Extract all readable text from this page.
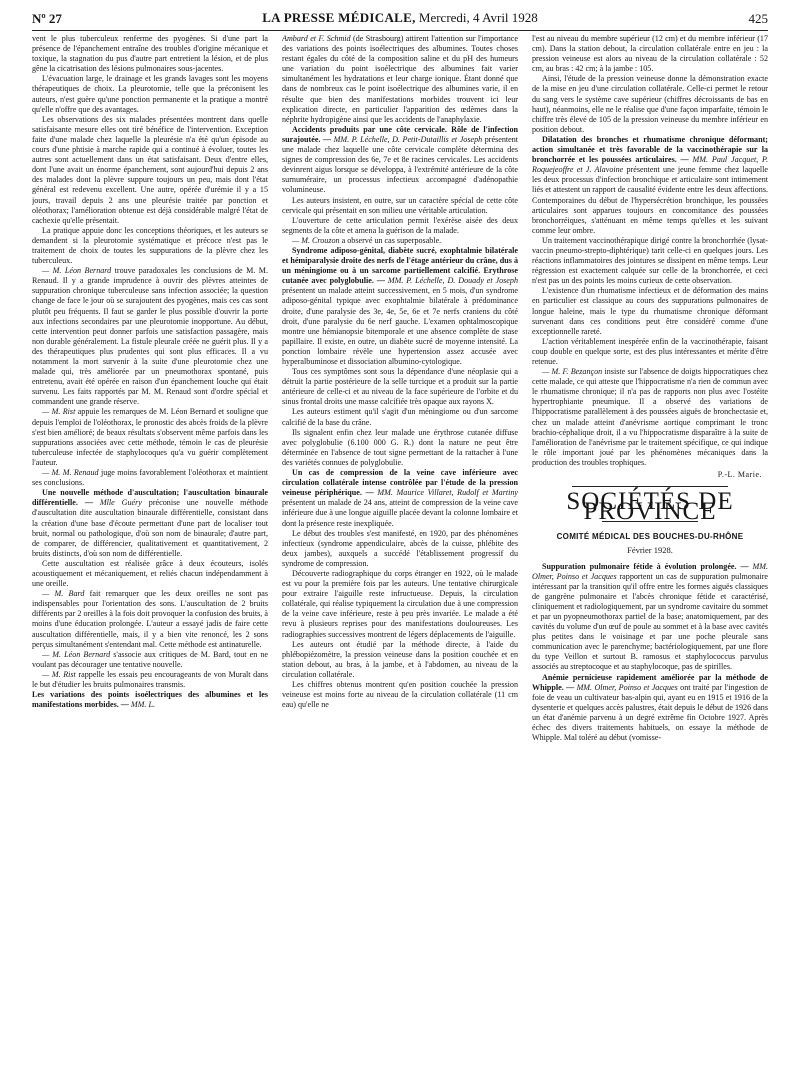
Nº 27	LA PRESSE MÉDICALE, Mercredi, 4 Avril 1928	425

vent le plus tuberculeux renferme des pyogènes. Si d'une part la présence de l'épanchement entraîne des troubles d'origine mécanique et toxique, la stagnation du pus d'autre part entretient la lésion, et de plus gêne la cicatrisation des lésions pulmonaires sous-jacentes.

L'évacuation large, le drainage et les grands lavages sont les moyens thérapeutiques de choix. La pleurotomie, telle que la préconisent les auteurs, n'est guère qu'une ponction permanente et la pratique a montré qu'elle n'offre que des avantages.

Les observations des six malades présentées montrent dans quelle satisfaisante mesure elles ont tiré bénéfice de l'intervention. Exception faite d'une malade chez laquelle la pleurésie n'a été qu'un épisode au cours d'une phtisie à marche rapide qui a continué à évoluer, toutes les autres sont actuellement dans un état satisfaisant. Deux d'entre elles, dont l'une avait un énorme épanchement, sont aujourd'hui depuis 2 ans des malades dont la plèvre suppure toujours un peu, mais dont l'état général est redevenu excellent. Une autre, opérée d'urémie il y a 15 jours, travail depuis 2 ans une pleurésie traitée par ponction et oléothorax; l'amélioration obtenue est déjà considérable malgré l'état de cachexie qu'elle présentait.

La pratique appuie donc les conceptions théoriques, et les auteurs se demandent si la pleurotomie systématique et précoce n'est pas le traitement de choix de toutes les suppurations de la plèvre chez les tuberculeux.

— M. Léon Bernard trouve paradoxales les conclusions de M. M. Renaud. Il y a grande imprudence à ouvrir des plèvres atteintes de suppuration chronique tuberculeuse sans infection associée; la question change de face le jour où se surajoutent des pyogènes, mais ces cas sont plutôt peu fréquents. Il faut se garder le plus possible d'ouvrir la porte aux infections secondaires par une pleurotomie inopportune. Au début, cette intervention peut donner parfois une satisfaction passagère, mais non durable généralement. La fistule pleurale créée ne guérit plus. Il y a des thérapeutiques plus prudentes qui sont plus efficaces. Il a vu notamment la mort survenir à la suite d'une pleurotomie chez une malade qui, très améliorée par un pneumothorax spontané, puis entretenu, avait été opérée en raison d'un épanchement louche qui était survenu. Les faits rapportés par M. M. Renaud sont d'ordre spécial et commandent une grande réserve.

— M. Rist appuie les remarques de M. Léon Bernard et souligne que depuis l'emploi de l'oléothorax, le pronostic des abcès froids de la plèvre s'est bien amélioré; de beaux résultats s'observent même parfois dans les suppurations associées avec cette méthode, témoin le cas de pleurésie tuberculeuse infectée de staphylocoques qu'a vu guérir complètement l'auteur.

— M. M. Renaud juge moins favorablement l'oléothorax et maintient ses conclusions.

Une nouvelle méthode d'auscultation; l'auscultation binaurale différentielle. — Mlle Guéry préconise une nouvelle méthode d'auscultation dite auscultation binaurale différentielle, consistant dans la création d'une base d'écoute permettant d'une part de localiser tout bruit, normal ou pathologique, d'où son nom de binaurale; d'autre part, de comparer, de différencier, qualitativement et quantitativement, 2 bruits distincts, d'où son nom de différentielle.

Cette auscultation est réalisée grâce à deux écouteurs, isolés acoustiquement et mécaniquement, et reliés chacun indépendamment à une oreille.

— M. Bard fait remarquer que les deux oreilles ne sont pas indispensables pour l'orientation des sons. L'auscultation de 2 bruits différents par 2 oreilles à la fois doit provoquer la confusion des bruits, à moins d'une éducation prolongée. L'auteur a essayé jadis de faire cette auscultation différentielle, mais, il y a bien vite renoncé, les 2 sons perçus simultanément s'entendant mal. Cette méthode est antinaturelle.

— M. Léon Bernard s'associe aux critiques de M. Bard, tout en ne voulant pas décourager une tentative nouvelle.

— M. Rist rappelle les essais peu encourageants de von Muralt dans le but d'étudier les bruits pulmonaires transmis.

Les variations des points isoélectriques des albumines et les manifestations morbides. — MM. L.

Ambard et F. Schmid (de Strasbourg) attirent l'attention sur l'importance des variations des points isoélectriques des albumines. Toutes choses restant égales du côté de la composition saline et du pH des humeurs une variation du point isoélectrique des albumines fait varier simultanément les hydratations et leur charge ionique. Étant donné que dans de nombreux cas le point isoélectrique des albumines varie, il en résulte que bien des manifestations morbides trouvent ici leur explication directe, en particulier l'apparition des œdèmes dans la néphrite hydropigène ainsi que les accidents de l'anaphylaxie.

Accidents produits par une côte cervicale. Rôle de l'infection surajoutée. — MM. P. Léchelle, D. Petit-Dutaillis et Joseph présentent une malade chez laquelle une côte cervicale complète détermina des signes de compression des 6e, 7e et 8e racines cervicales. Les accidents devinrent aigus lorsque se développa, à l'extrémité antérieure de la côte surnuméraire, un processus infectieux accompagné d'adénopathie volumineuse.

Les auteurs insistent, en outre, sur un caractère spécial de cette côte cervicale qui présentait en son milieu une véritable articulation.

L'ouverture de cette articulation permit l'exérèse aisée des deux segments de la côte et amena la guérison de la malade.

— M. Crouzon a observé un cas superposable.

Syndrome adiposo-génital, diabète sucré, exophtalmie bilatérale et hémiparalysie droite des nerfs de l'étage antérieur du crâne, dus à un méningiome ou à un sarcome partiellement calcifié. Erythrose cutanée avec polyglobulie. — MM. P. Léchelle, D. Douady et Joseph présentent un malade atteint successivement, en 5 mois, d'un syndrome adiposo-génital typique avec exophtalmie bilatérale à prédominance droite, d'une paralysie des 3e, 4e, 5e, 6e et 7e nerfs craniens du côté droit, d'une paralysie du 6e nerf gauche. L'examen ophtalmoscopique montre une hémianopsie bitemporale et une absence complète de stase papillaire. Il existe, en outre, un diabète sucré de moyenne intensité. La ponction lombaire révèle une hypertension assez accusée avec hyperalbuminose et dissociation albumino-cytologique.

Tous ces symptômes sont sous la dépendance d'une néoplasie qui a détruit la partie postérieure de la selle turcique et a produit sur la partie antérieure de celle-ci et au niveau de la face supérieure de l'orbite et du sinus frontal droits une masse calcifiée très opaque aux rayons X.

Les auteurs estiment qu'il s'agit d'un méningiome ou d'un sarcome calcifié de la base du crâne.

Ils signalent enfin chez leur malade une érythrose cutanée diffuse avec polyglobulie (6.100 000 G. R.) dont la nature ne peut être déterminée en l'absence de tout signe permettant de la rattacher à l'une des variétés connues de polyglobulie.

Un cas de compression de la veine cave inférieure avec circulation collatérale intense contrôlée par l'étude de la pression veineuse périphérique. — MM. Maurice Villaret, Rudolf et Martiny présentent un malade de 24 ans, atteint de compression de la veine cave inférieure due à une longue aiguille placée devant la colonne lombaire et dont la présence reste inexpliquée.

Le début des troubles s'est manifesté, en 1920, par des phénomènes infectieux (syndrome appendiculaire, abcès de la cuisse, phlébite des deux jambes), auxquels a succédé l'établissement progressif du syndrome de compression.

Découverte radiographique du corps étranger en 1922, où le malade est vu pour la première fois par les auteurs. Une tentative chirurgicale pour extraire l'aiguille reste infructueuse. Depuis, la circulation collatérale, qui réalise typiquement la circulation due à une compression de la veine cave inférieure, reste à peu près invariée. Le malade a été revu à plusieurs reprises pour des manifestations douloureuses. Les radiographies successives montrent de légers déplacements de l'aiguille.

Les auteurs ont étudié par la méthode directe, à l'aide du phlébopiézomètre, la pression veineuse dans la position couchée et en station debout, au bras, à la jambe, et à l'abdomen, au niveau de la circulation collatérale.

Les chiffres obtenus montrent qu'en position couchée la pression veineuse est moins forte au niveau de la circulation collatérale (11 cm eau) qu'elle ne

l'est au niveau du membre supérieur (12 cm) et du membre inférieur (17 cm). Dans la station debout, la circulation collatérale entre en jeu : la pression veineuse est alors au niveau de la circulation collatérale : 52 cm, au bras : 42 cm; à la jambe : 105.

Ainsi, l'étude de la pression veineuse donne la démonstration exacte de la mise en jeu d'une circulation collatérale. Celle-ci permet le retour du sang vers le système cave supérieur (chiffres décroissants de bas en haut), néanmoins, elle ne le réalise que d'une façon imparfaite, témoin le chiffre très élevé de 105 de la pression veineuse du membre inférieur en position debout.

Dilatation des bronches et rhumatisme chronique déformant; action simultanée et très favorable de la vaccinothérapie sur la bronchorrée et les poussées articulaires. — MM. Paul Jacquet, P. Roquejeoffre et J. Alavoine présentent une jeune femme chez laquelle les deux processus d'infection bronchique et articulaire sont intimement liés et attestent un rapport de causalité évidente entre les deux affections. Contemporaines du début de l'hypersécrétion bronchique, les poussées articulaires sont apparues toujours en concomitance des poussées bronchorréiques, s'atténuant en même temps qu'elles et les suivant comme leur ombre.

Un traitement vaccinothérapique dirigé contre la bronchorrhée (lysat-vaccin pneumo-strepto-diphtérique) tarit celle-ci en quelques jours. Les réactions inflammatoires des jointures se dissipent en même temps. Leur régression est exactement calquée sur celle de la bronchorrée, et ceci n'est pas un des points les moins curieux de cette observation.

L'existence d'un rhumatisme infectieux et de déformation des mains en particulier est classique au cours des suppurations pulmonaires de longue haleine, mais le type du rhumatisme chronique déformant survenant dans ces conditions peut être considéré comme d'une exceptionnelle rareté.

L'action véritablement inespérée enfin de la vaccinothérapie, faisant coup double en quelque sorte, est des plus intéressantes et mérite d'être retenue.

— M. F. Bezançon insiste sur l'absence de doigts hippocratiques chez cette malade, ce qui atteste que l'hippocratisme n'a rien de commun avec le rhumatisme chronique; il n'a pas de rapports non plus avec l'ostéite hypertrophiante pneumique. Il a observé des variations de l'hippocratisme parallèlement à des poussées aiguës de bronchectasie et, chez un malade atteint d'anévrisme aortique comprimant le tronc brachio-céphalique droit, il a vu l'hippocratisme disparaître à la suite de l'amélioration de l'anévrisme par le traitement spécifique, ce qui indique le rôle important joué par les phénomènes mécaniques dans la production des troubles trophiques.

P.-L. Marie.
SOCIÉTÉS DE PROVINCE
COMITÉ MÉDICAL DES BOUCHES-DU-RHÔNE
Février 1928.

Suppuration pulmonaire fétide à évolution prolongée. — MM. Olmer, Poinso et Jacques rapportent un cas de suppuration pulmonaire intéressant par la transition qu'il offre entre les formes aiguës classiques de gangrène pulmonaire et l'abcès chronique fétide et caractérisé, cliniquement et radiologiquement, par un syndrome cavitaire du sommet et par un pyopneumothorax partiel de la base; anatomiquement, par des cavités du volume d'un œuf de poule au sommet et à la base avec cavités plus petites dans le voisinage et par une poche pleurale sans communication avec le parenchyme; bactériologiquement, par une flore du type Veillon et surtout B. ramosus et staphylococcus parvulus associés au streptocoque et au staphylocoque, pas de spirilles.

Anémie pernicieuse rapidement améliorée par la méthode de Whipple. — MM. Olmer, Poinso et Jacques ont traité par l'ingestion de foie de veau un cultivateur bas-alpin qui, ayant eu en 1915 et 1916 de la dysenterie et quelques accès palustres, était depuis le début de 1926 dans un état d'anémie parvenu à un degré extrême fin Octobre 1927. Après échec des divers traitements habituels, on essaye la méthode de Whipple. Mal toléré au début (vomisse-
